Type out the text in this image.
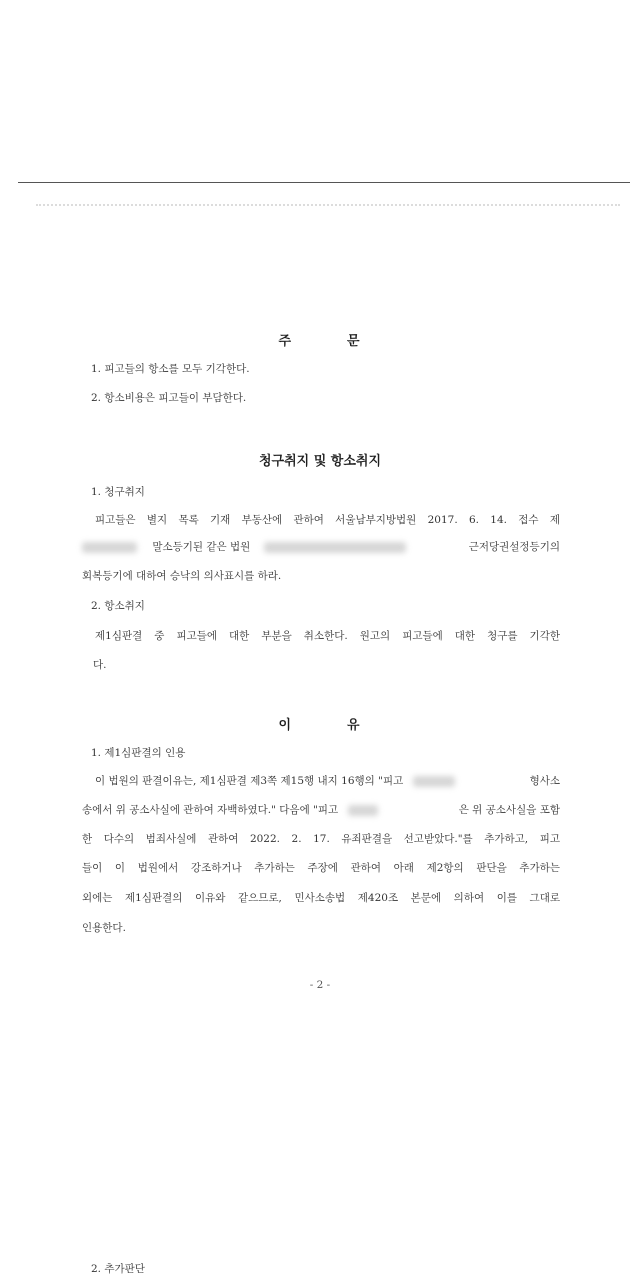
주	문
1. 피고들의 항소를 모두 기각한다.
2. 항소비용은 피고들이 부담한다.
청구취지 및 항소취지
1. 청구취지
피고들은 별지 목록 기재 부동산에 관하여 서울남부지방법원 2017. 6. 14. 접수 제
말소등기된 같은 법원	근저당권설정등기의
회복등기에 대하여 승낙의 의사표시를 하라.
2. 항소취지
제1심판결 중 피고들에 대한 부분을 취소한다. 원고의 피고들에 대한 청구를 기각한
다.
이	유
1. 제1심판결의 인용
이 법원의 판결이유는, 제1심판결 제3쪽 제15행 내지 16행의 "피고	형사소
송에서 위 공소사실에 관하여 자백하였다." 다음에 "피고	은 위 공소사실을 포함
한 다수의 범죄사실에 관하여 2022. 2. 17. 유죄판결을 선고받았다."를 추가하고, 피고
들이 이 법원에서 강조하거나 추가하는 주장에 관하여 아래 제2항의 판단을 추가하는
외에는 제1심판결의 이유와 같으므로, 민사소송법 제420조 본문에 의하여 이를 그대로
인용한다.
- 2 -
2. 추가판단
